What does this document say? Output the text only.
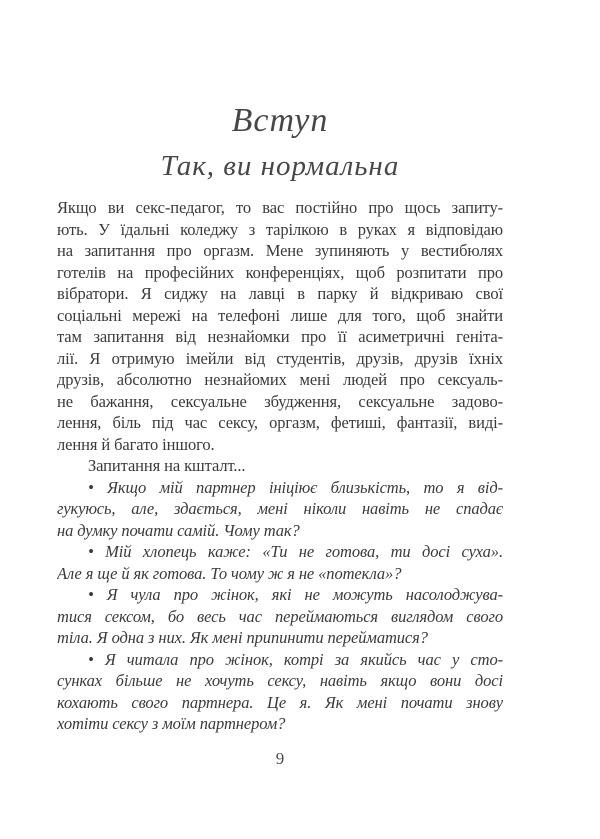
Вступ
Так, ви нормальна
Якщо ви секс-педагог, то вас постійно про щось запиту-
ють. У їдальні коледжу з тарілкою в руках я відповідаю
на запитання про оргазм. Мене зупиняють у вестибюлях
готелів на професійних конференціях, щоб розпитати про
вібратори. Я сиджу на лавці в парку й відкриваю свої
соціальні мережі на телефоні лише для того, щоб знайти
там запитання від незнайомки про її асиметричні геніта-
лії. Я отримую імейли від студентів, друзів, друзів їхніх
друзів, абсолютно незнайомих мені людей про сексуаль-
не бажання, сексуальне збудження, сексуальне задово-
лення, біль під час сексу, оргазм, фетиші, фантазії, виді-
лення й багато іншого.
Запитання на кшталт...
• Якщо мій партнер ініціює близькість, то я від-
гукуюсь, але, здається, мені ніколи навіть не спадає
на думку почати самій. Чому так?
• Мій хлопець каже: «Ти не готова, ти досі суха».
Але я ще й як готова. То чому ж я не «потекла»?
• Я чула про жінок, які не можуть насолоджува-
тися сексом, бо весь час переймаються виглядом свого
тіла. Я одна з них. Як мені припинити перейматися?
• Я читала про жінок, котрі за якийсь час у сто-
сунках більше не хочуть сексу, навіть якщо вони досі
кохають свого партнера. Це я. Як мені почати знову
хотіти сексу з моїм партнером?
9
